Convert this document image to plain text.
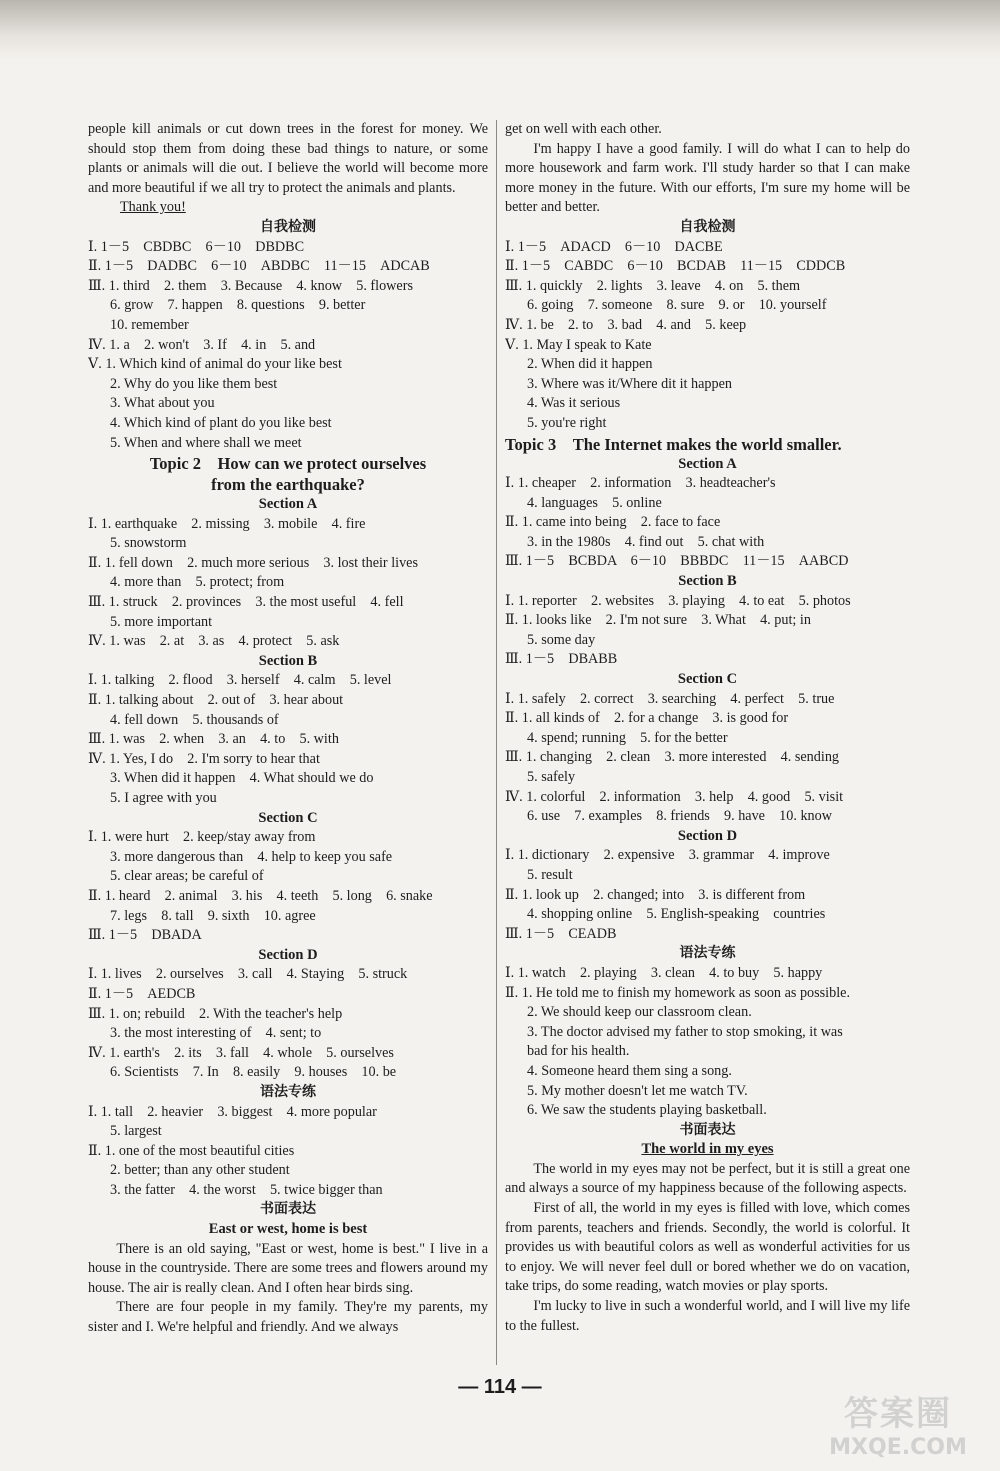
people kill animals or cut down trees in the forest for money. We should stop them from doing these bad things to nature, or some plants or animals will die out. I believe the world will become more and more beautiful if we all try to protect the animals and plants.
Thank you!
自我检测
Ⅰ. 1－5　CBDBC　6－10　DBDBC
Ⅱ. 1－5　DADBC　6－10　ABDBC　11－15　ADCAB
Ⅲ. 1. third　2. them　3. Because　4. know　5. flowers
6. grow　7. happen　8. questions　9. better
10. remember
Ⅳ. 1. a　2. won't　3. If　4. in　5. and
Ⅴ. 1. Which kind of animal do your like best
2. Why do you like them best
3. What about you
4. Which kind of plant do you like best
5. When and where shall we meet
Topic 2　How can we protect ourselves
from the earthquake?
Section A
Ⅰ. 1. earthquake　2. missing　3. mobile　4. fire
5. snowstorm
Ⅱ. 1. fell down　2. much more serious　3. lost their lives
4. more than　5. protect; from
Ⅲ. 1. struck　2. provinces　3. the most useful　4. fell
5. more important
Ⅳ. 1. was　2. at　3. as　4. protect　5. ask
Section B
Ⅰ. 1. talking　2. flood　3. herself　4. calm　5. level
Ⅱ. 1. talking about　2. out of　3. hear about
4. fell down　5. thousands of
Ⅲ. 1. was　2. when　3. an　4. to　5. with
Ⅳ. 1. Yes, I do　2. I'm sorry to hear that
3. When did it happen　4. What should we do
5. I agree with you
Section C
Ⅰ. 1. were hurt　2. keep/stay away from
3. more dangerous than　4. help to keep you safe
5. clear areas; be careful of
Ⅱ. 1. heard　2. animal　3. his　4. teeth　5. long　6. snake
7. legs　8. tall　9. sixth　10. agree
Ⅲ. 1－5　DBADA
Section D
Ⅰ. 1. lives　2. ourselves　3. call　4. Staying　5. struck
Ⅱ. 1－5　AEDCB
Ⅲ. 1. on; rebuild　2. With the teacher's help
3. the most interesting of　4. sent; to
Ⅳ. 1. earth's　2. its　3. fall　4. whole　5. ourselves
6. Scientists　7. In　8. easily　9. houses　10. be
语法专练
Ⅰ. 1. tall　2. heavier　3. biggest　4. more popular
5. largest
Ⅱ. 1. one of the most beautiful cities
2. better; than any other student
3. the fatter　4. the worst　5. twice bigger than
书面表达
East or west, home is best
There is an old saying, "East or west, home is best." I live in a house in the countryside. There are some trees and flowers around my house. The air is really clean. And I often hear birds sing.
There are four people in my family. They're my parents, my sister and I. We're helpful and friendly. And we always
get on well with each other.
I'm happy I have a good family. I will do what I can to help do more housework and farm work. I'll study harder so that I can make more money in the future. With our efforts, I'm sure my home will be better and better.
自我检测
Ⅰ. 1－5　ADACD　6－10　DACBE
Ⅱ. 1－5　CABDC　6－10　BCDAB　11－15　CDDCB
Ⅲ. 1. quickly　2. lights　3. leave　4. on　5. them
6. going　7. someone　8. sure　9. or　10. yourself
Ⅳ. 1. be　2. to　3. bad　4. and　5. keep
Ⅴ. 1. May I speak to Kate
2. When did it happen
3. Where was it/Where dit it happen
4. Was it serious
5. you're right
Topic 3　The Internet makes the world smaller.
Section A
Ⅰ. 1. cheaper　2. information　3. headteacher's
4. languages　5. online
Ⅱ. 1. came into being　2. face to face
3. in the 1980s　4. find out　5. chat with
Ⅲ. 1－5　BCBDA　6－10　BBBDC　11－15　AABCD
Section B
Ⅰ. 1. reporter　2. websites　3. playing　4. to eat　5. photos
Ⅱ. 1. looks like　2. I'm not sure　3. What　4. put; in
5. some day
Ⅲ. 1－5　DBABB
Section C
Ⅰ. 1. safely　2. correct　3. searching　4. perfect　5. true
Ⅱ. 1. all kinds of　2. for a change　3. is good for
4. spend; running　5. for the better
Ⅲ. 1. changing　2. clean　3. more interested　4. sending
5. safely
Ⅳ. 1. colorful　2. information　3. help　4. good　5. visit
6. use　7. examples　8. friends　9. have　10. know
Section D
Ⅰ. 1. dictionary　2. expensive　3. grammar　4. improve
5. result
Ⅱ. 1. look up　2. changed; into　3. is different from
4. shopping online　5. English-speaking　countries
Ⅲ. 1－5　CEADB
语法专练
Ⅰ. 1. watch　2. playing　3. clean　4. to buy　5. happy
Ⅱ. 1. He told me to finish my homework as soon as possible.
2. We should keep our classroom clean.
3. The doctor advised my father to stop smoking, it was
bad for his health.
4. Someone heard them sing a song.
5. My mother doesn't let me watch TV.
6. We saw the students playing basketball.
书面表达
The world in my eyes
The world in my eyes may not be perfect, but it is still a great one and always a source of my happiness because of the following aspects.
First of all, the world in my eyes is filled with love, which comes from parents, teachers and friends. Secondly, the world is colorful. It provides us with beautiful colors as well as wonderful activities for us to enjoy. We will never feel dull or bored whether we do on vacation, take trips, do some reading, watch movies or play sports.
I'm lucky to live in such a wonderful world, and I will live my life to the fullest.
— 114 —
答案圈
MXQE.COM
